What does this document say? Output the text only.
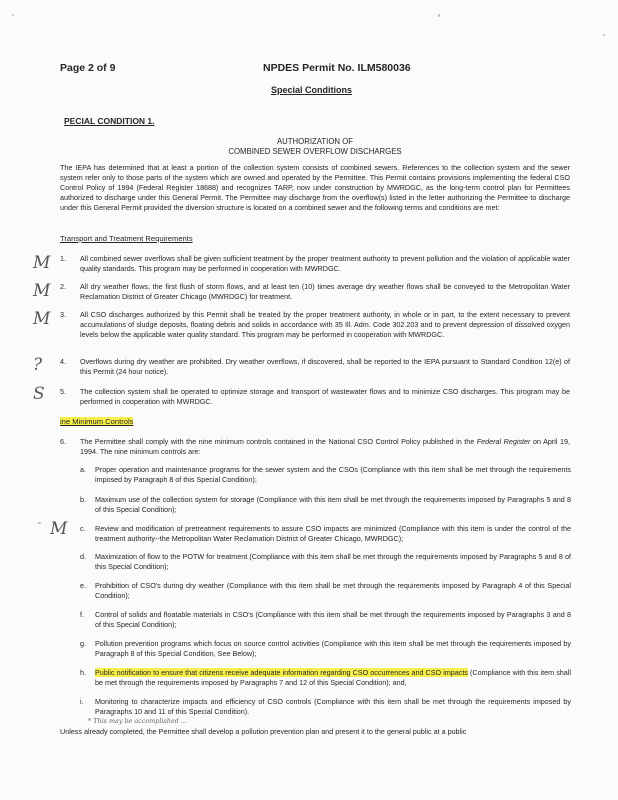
Page 2 of 9	NPDES Permit No. ILM580036
Special Conditions
PECIAL CONDITION 1.
AUTHORIZATION OF
COMBINED SEWER OVERFLOW DISCHARGES
The IEPA has determined that at least a portion of the collection system consists of combined sewers. References to the collection system and the sewer system refer only to those parts of the system which are owned and operated by the Permittee. This Permit contains provisions implementing the federal CSO Control Policy of 1994 (Federal Register 18688) and recognizes TARP, now under construction by MWRDGC, as the long-term control plan for Permittees authorized to discharge under this General Permit. The Permittee may discharge from the overflow(s) listed in the letter authorizing the Permittee to discharge under this General Permit provided the diversion structure is located on a combined sewer and the following terms and conditions are met:
Transport and Treatment Requirements
1. All combined sewer overflows shall be given sufficient treatment by the proper treatment authority to prevent pollution and the violation of applicable water quality standards. This program may be performed in cooperation with MWRDGC.
2. All dry weather flows, the first flush of storm flows, and at least ten (10) times average dry weather flows shall be conveyed to the Metropolitan Water Reclamation District of Greater Chicago (MWRDGC) for treatment.
3. All CSO discharges authorized by this Permit shall be treated by the proper treatment authority, in whole or in part, to the extent necessary to prevent accumulations of sludge deposits, floating debris and solids in accordance with 35 Ill. Adm. Code 302.203 and to prevent depression of dissolved oxygen levels below the applicable water quality standard. This program may be performed in cooperation with MWRDGC.
4. Overflows during dry weather are prohibited. Dry weather overflows, if discovered, shall be reported to the IEPA pursuant to Standard Condition 12(e) of this Permit (24 hour notice).
5. The collection system shall be operated to optimize storage and transport of wastewater flows and to minimize CSO discharges. This program may be performed in cooperation with MWRDGC.
ine Minimum Controls
6. The Permittee shall comply with the nine minimum controls contained in the National CSO Control Policy published in the Federal Register on April 19, 1994. The nine minimum controls are:
a. Proper operation and maintenance programs for the sewer system and the CSOs (Compliance with this item shall be met through the requirements imposed by Paragraph 8 of this Special Condition);
b. Maximum use of the collection system for storage (Compliance with this item shall be met through the requirements imposed by Paragraphs 5 and 8 of this Special Condition);
c. Review and modification of pretreatment requirements to assure CSO impacts are minimized (Compliance with this item is under the control of the treatment authority--the Metropolitan Water Reclamation District of Greater Chicago, MWRDGC);
d. Maximization of flow to the POTW for treatment (Compliance with this item shall be met through the requirements imposed by Paragraphs 5 and 8 of this Special Condition);
e. Prohibition of CSO's during dry weather (Compliance with this item shall be met through the requirements imposed by Paragraph 4 of this Special Condition);
f. Control of solids and floatable materials in CSO's (Compliance with this item shall be met through the requirements imposed by Paragraphs 3 and 8 of this Special Condition);
g. Pollution prevention programs which focus on source control activities (Compliance with this item shall be met through the requirements imposed by Paragraph 8 of this Special Condition, See Below);
h. Public notification to ensure that citizens receive adequate information regarding CSO occurrences and CSO impacts (Compliance with this item shall be met through the requirements imposed by Paragraphs 7 and 12 of this Special Condition); and,
i. Monitoring to characterize impacts and efficiency of CSO controls (Compliance with this item shall be met through the requirements imposed by Paragraphs 10 and 11 of this Special Condition).
* This may be accomplished ...
Unless already completed, the Permittee shall develop a pollution prevention plan and present it to the general public at a public
M
M
M
?
S
M
